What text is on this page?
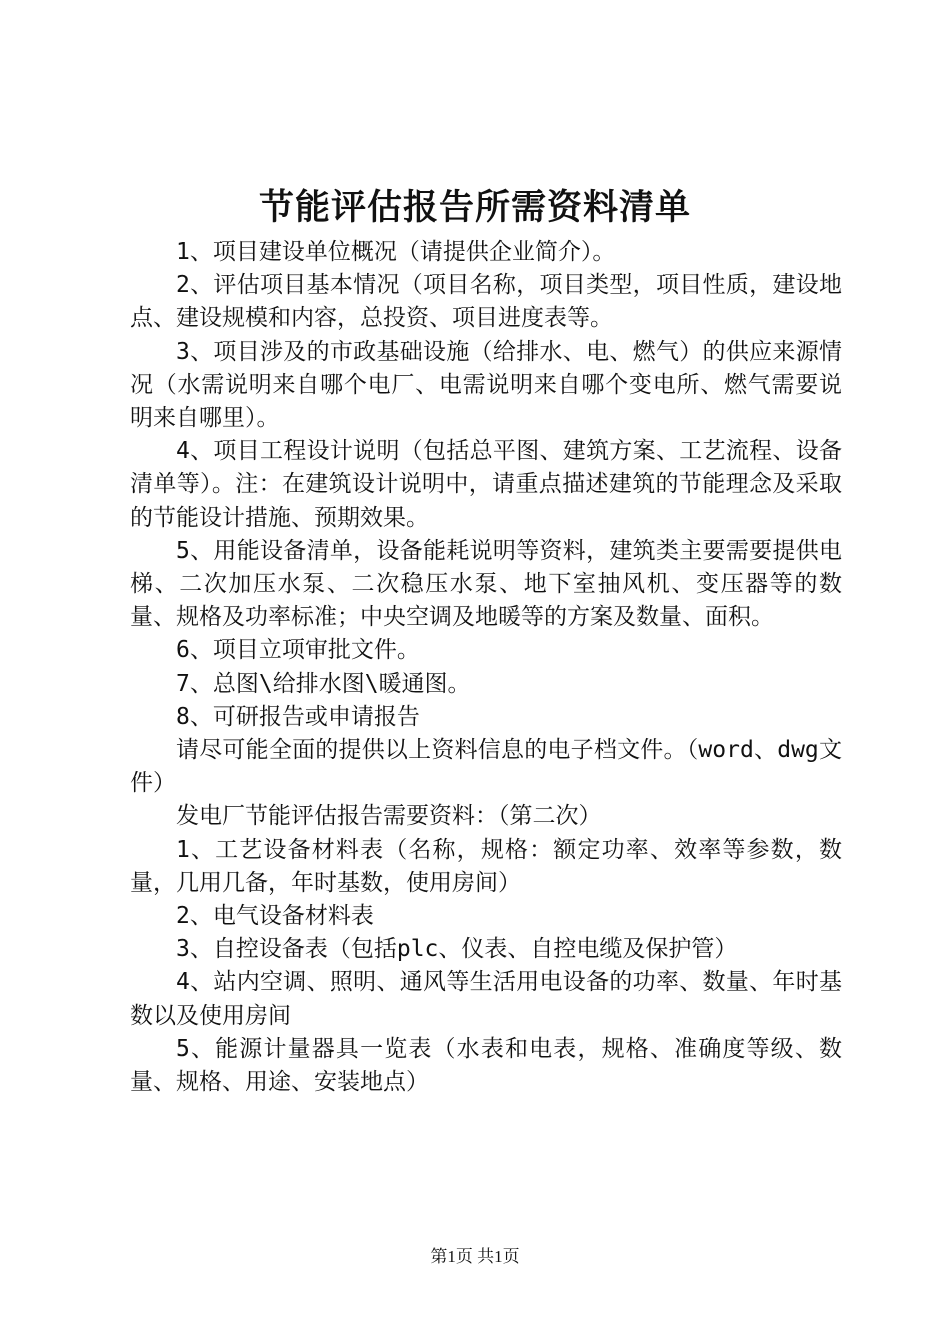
节能评估报告所需资料清单

1、项目建设单位概况（请提供企业简介）。

2、评估项目基本情况（项目名称，项目类型，项目性质，建设地点、建设规模和内容，总投资、项目进度表等。

3、项目涉及的市政基础设施（给排水、电、燃气）的供应来源情况（水需说明来自哪个电厂、电需说明来自哪个变电所、燃气需要说明来自哪里）。

4、项目工程设计说明（包括总平图、建筑方案、工艺流程、设备清单等）。注：在建筑设计说明中，请重点描述建筑的节能理念及采取的节能设计措施、预期效果。

5、用能设备清单，设备能耗说明等资料，建筑类主要需要提供电梯、二次加压水泵、二次稳压水泵、地下室抽风机、变压器等的数量、规格及功率标准；中央空调及地暖等的方案及数量、面积。

6、项目立项审批文件。

7、总图\给排水图\暖通图。

8、可研报告或申请报告

请尽可能全面的提供以上资料信息的电子档文件。（word、dwg文件）

发电厂节能评估报告需要资料：（第二次）

1、工艺设备材料表（名称，规格：额定功率、效率等参数，数量，几用几备，年时基数，使用房间）

2、电气设备材料表

3、自控设备表（包括plc、仪表、自控电缆及保护管）

4、站内空调、照明、通风等生活用电设备的功率、数量、年时基数以及使用房间

5、能源计量器具一览表（水表和电表，规格、准确度等级、数量、规格、用途、安装地点）

第1页 共1页
